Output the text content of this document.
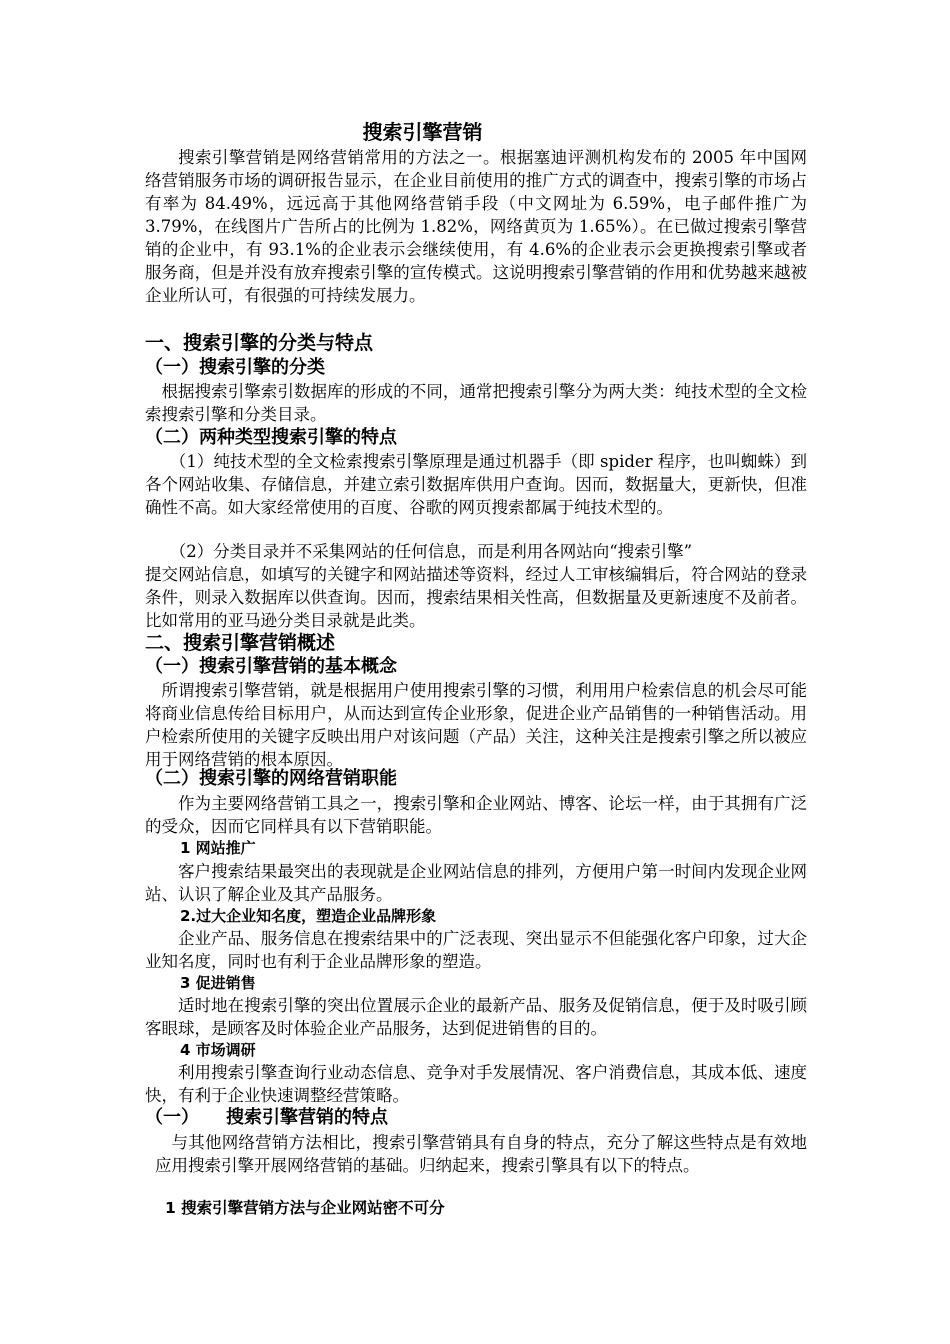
搜索引擎营销

搜索引擎营销是网络营销常用的方法之一。根据塞迪评测机构发布的 2005 年中国网络营销服务市场的调研报告显示，在企业目前使用的推广方式的调查中，搜索引擎的市场占有率为 84.49%，远远高于其他网络营销手段（中文网址为 6.59%，电子邮件推广为 3.79%，在线图片广告所占的比例为 1.82%，网络黄页为 1.65%）。在已做过搜索引擎营销的企业中，有 93.1%的企业表示会继续使用，有 4.6%的企业表示会更换搜索引擎或者服务商，但是并没有放弃搜索引擎的宣传模式。这说明搜索引擎营销的作用和优势越来越被企业所认可，有很强的可持续发展力。

一、搜索引擎的分类与特点
（一）搜索引擎的分类

根据搜索引擎索引数据库的形成的不同，通常把搜索引擎分为两大类：纯技术型的全文检索搜索引擎和分类目录。

（二）两种类型搜索引擎的特点

（1）纯技术型的全文检索搜索引擎原理是通过机器手（即 spider 程序，也叫蜘蛛）到各个网站收集、存储信息，并建立索引数据库供用户查询。因而，数据量大，更新快，但准确性不高。如大家经常使用的百度、谷歌的网页搜索都属于纯技术型的。

（2）分类目录并不采集网站的任何信息，而是利用各网站向“搜索引擎”

提交网站信息，如填写的关键字和网站描述等资料，经过人工审核编辑后，符合网站的登录条件，则录入数据库以供查询。因而，搜索结果相关性高，但数据量及更新速度不及前者。比如常用的亚马逊分类目录就是此类。

二、搜索引擎营销概述
（一）搜索引擎营销的基本概念

所谓搜索引擎营销，就是根据用户使用搜索引擎的习惯，利用用户检索信息的机会尽可能将商业信息传给目标用户，从而达到宣传企业形象，促进企业产品销售的一种销售活动。用户检索所使用的关键字反映出用户对该问题（产品）关注，这种关注是搜索引擎之所以被应用于网络营销的根本原因。

（二）搜索引擎的网络营销职能

作为主要网络营销工具之一，搜索引擎和企业网站、博客、论坛一样，由于其拥有广泛的受众，因而它同样具有以下营销职能。

1 网站推广

客户搜索结果最突出的表现就是企业网站信息的排列，方便用户第一时间内发现企业网站、认识了解企业及其产品服务。

2.过大企业知名度，塑造企业品牌形象

企业产品、服务信息在搜索结果中的广泛表现、突出显示不但能强化客户印象，过大企业知名度，同时也有利于企业品牌形象的塑造。

3 促进销售

适时地在搜索引擎的突出位置展示企业的最新产品、服务及促销信息，便于及时吸引顾客眼球，是顾客及时体验企业产品服务，达到促进销售的目的。

4 市场调研

利用搜索引擎查询行业动态信息、竞争对手发展情况、客户消费信息，其成本低、速度快，有利于企业快速调整经营策略。

（一）　　搜索引擎营销的特点

与其他网络营销方法相比，搜索引擎营销具有自身的特点，充分了解这些特点是有效地应用搜索引擎开展网络营销的基础。归纳起来，搜索引擎具有以下的特点。

1 搜索引擎营销方法与企业网站密不可分
